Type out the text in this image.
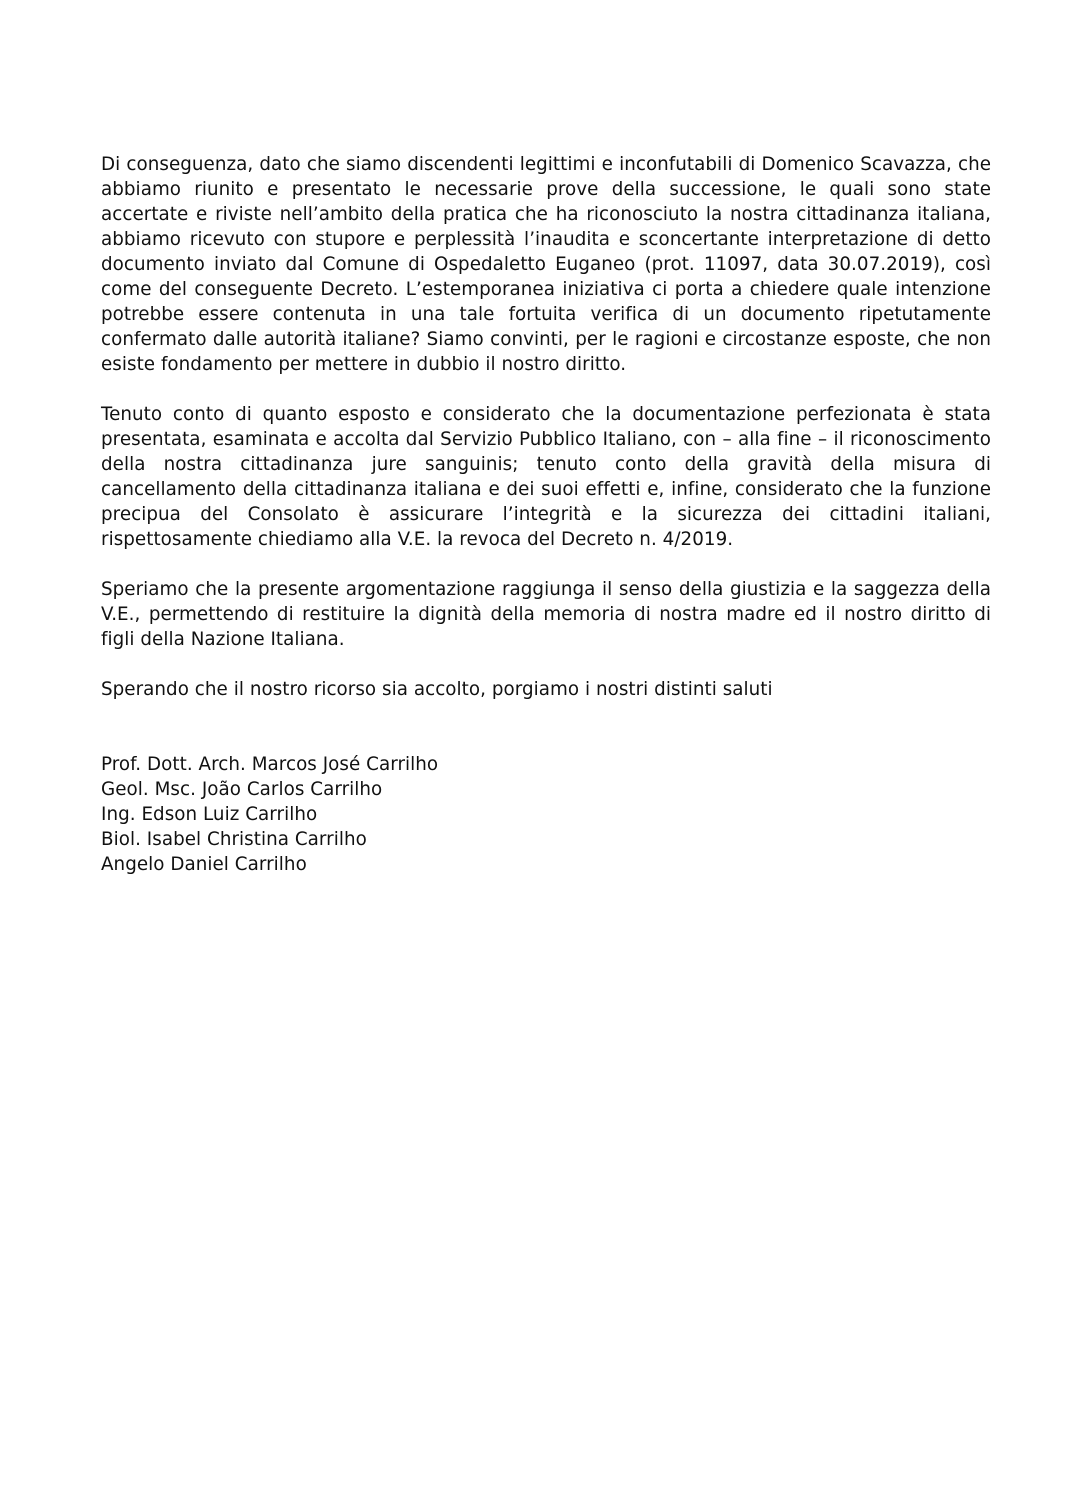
Di conseguenza, dato che siamo discendenti legittimi e inconfutabili di Domenico Scavazza, che abbiamo riunito e presentato le necessarie prove della successione, le quali sono state accertate e riviste nell’ambito della pratica che ha riconosciuto la nostra cittadinanza italiana, abbiamo ricevuto con stupore e perplessità l’inaudita e sconcertante interpretazione di detto documento inviato dal Comune di Ospedaletto Euganeo (prot. 11097, data 30.07.2019), così come del conseguente Decreto. L’estemporanea iniziativa ci porta a chiedere quale intenzione potrebbe essere contenuta in una tale fortuita verifica di un documento ripetutamente confermato dalle autorità italiane? Siamo convinti, per le ragioni e circostanze esposte, che non esiste fondamento per mettere in dubbio il nostro diritto.

Tenuto conto di quanto esposto e considerato che la documentazione perfezionata è stata presentata, esaminata e accolta dal Servizio Pubblico Italiano, con – alla fine – il riconoscimento della nostra cittadinanza jure sanguinis; tenuto conto della gravità della misura di cancellamento della cittadinanza italiana e dei suoi effetti e, infine, considerato che la funzione precipua del Consolato è assicurare l’integrità e la sicurezza dei cittadini italiani, rispettosamente chiediamo alla V.E. la revoca del Decreto n. 4/2019.

Speriamo che la presente argomentazione raggiunga il senso della giustizia e la saggezza della V.E., permettendo di restituire la dignità della memoria di nostra madre ed il nostro diritto di figli della Nazione Italiana.

Sperando che il nostro ricorso sia accolto, porgiamo i nostri distinti saluti

Prof. Dott. Arch. Marcos José Carrilho
Geol. Msc. João Carlos Carrilho
Ing. Edson Luiz Carrilho
Biol. Isabel Christina Carrilho
Angelo Daniel Carrilho
